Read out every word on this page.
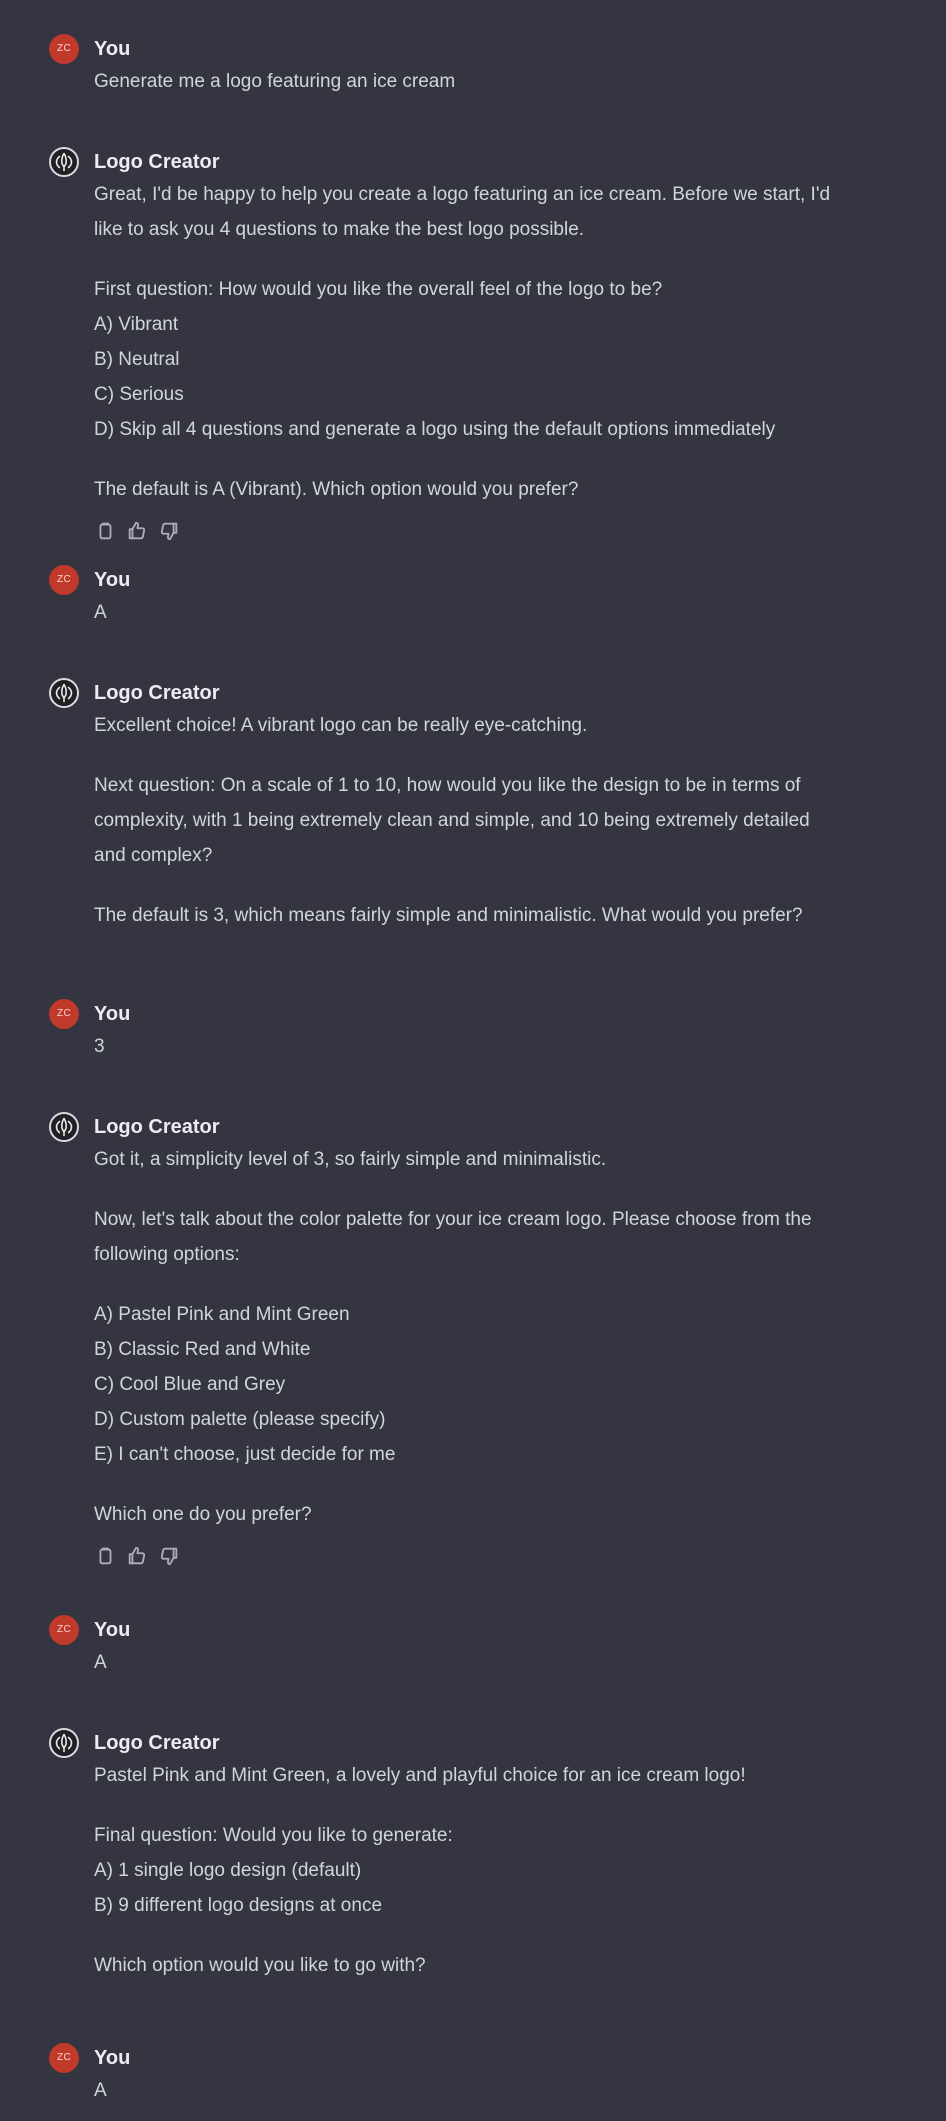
ZC	You
Generate me a logo featuring an ice cream
Logo Creator
Great, I'd be happy to help you create a logo featuring an ice cream. Before we start, I'd
like to ask you 4 questions to make the best logo possible.
First question: How would you like the overall feel of the logo to be?
A) Vibrant
B) Neutral
C) Serious
D) Skip all 4 questions and generate a logo using the default options immediately
The default is A (Vibrant). Which option would you prefer?
ZC	You
A
Logo Creator
Excellent choice! A vibrant logo can be really eye-catching.
Next question: On a scale of 1 to 10, how would you like the design to be in terms of
complexity, with 1 being extremely clean and simple, and 10 being extremely detailed
and complex?
The default is 3, which means fairly simple and minimalistic. What would you prefer?
ZC	You
3
Logo Creator
Got it, a simplicity level of 3, so fairly simple and minimalistic.
Now, let's talk about the color palette for your ice cream logo. Please choose from the
following options:
A) Pastel Pink and Mint Green
B) Classic Red and White
C) Cool Blue and Grey
D) Custom palette (please specify)
E) I can't choose, just decide for me
Which one do you prefer?
ZC	You
A
Logo Creator
Pastel Pink and Mint Green, a lovely and playful choice for an ice cream logo!
Final question: Would you like to generate:
A) 1 single logo design (default)
B) 9 different logo designs at once
Which option would you like to go with?
ZC	You
A
